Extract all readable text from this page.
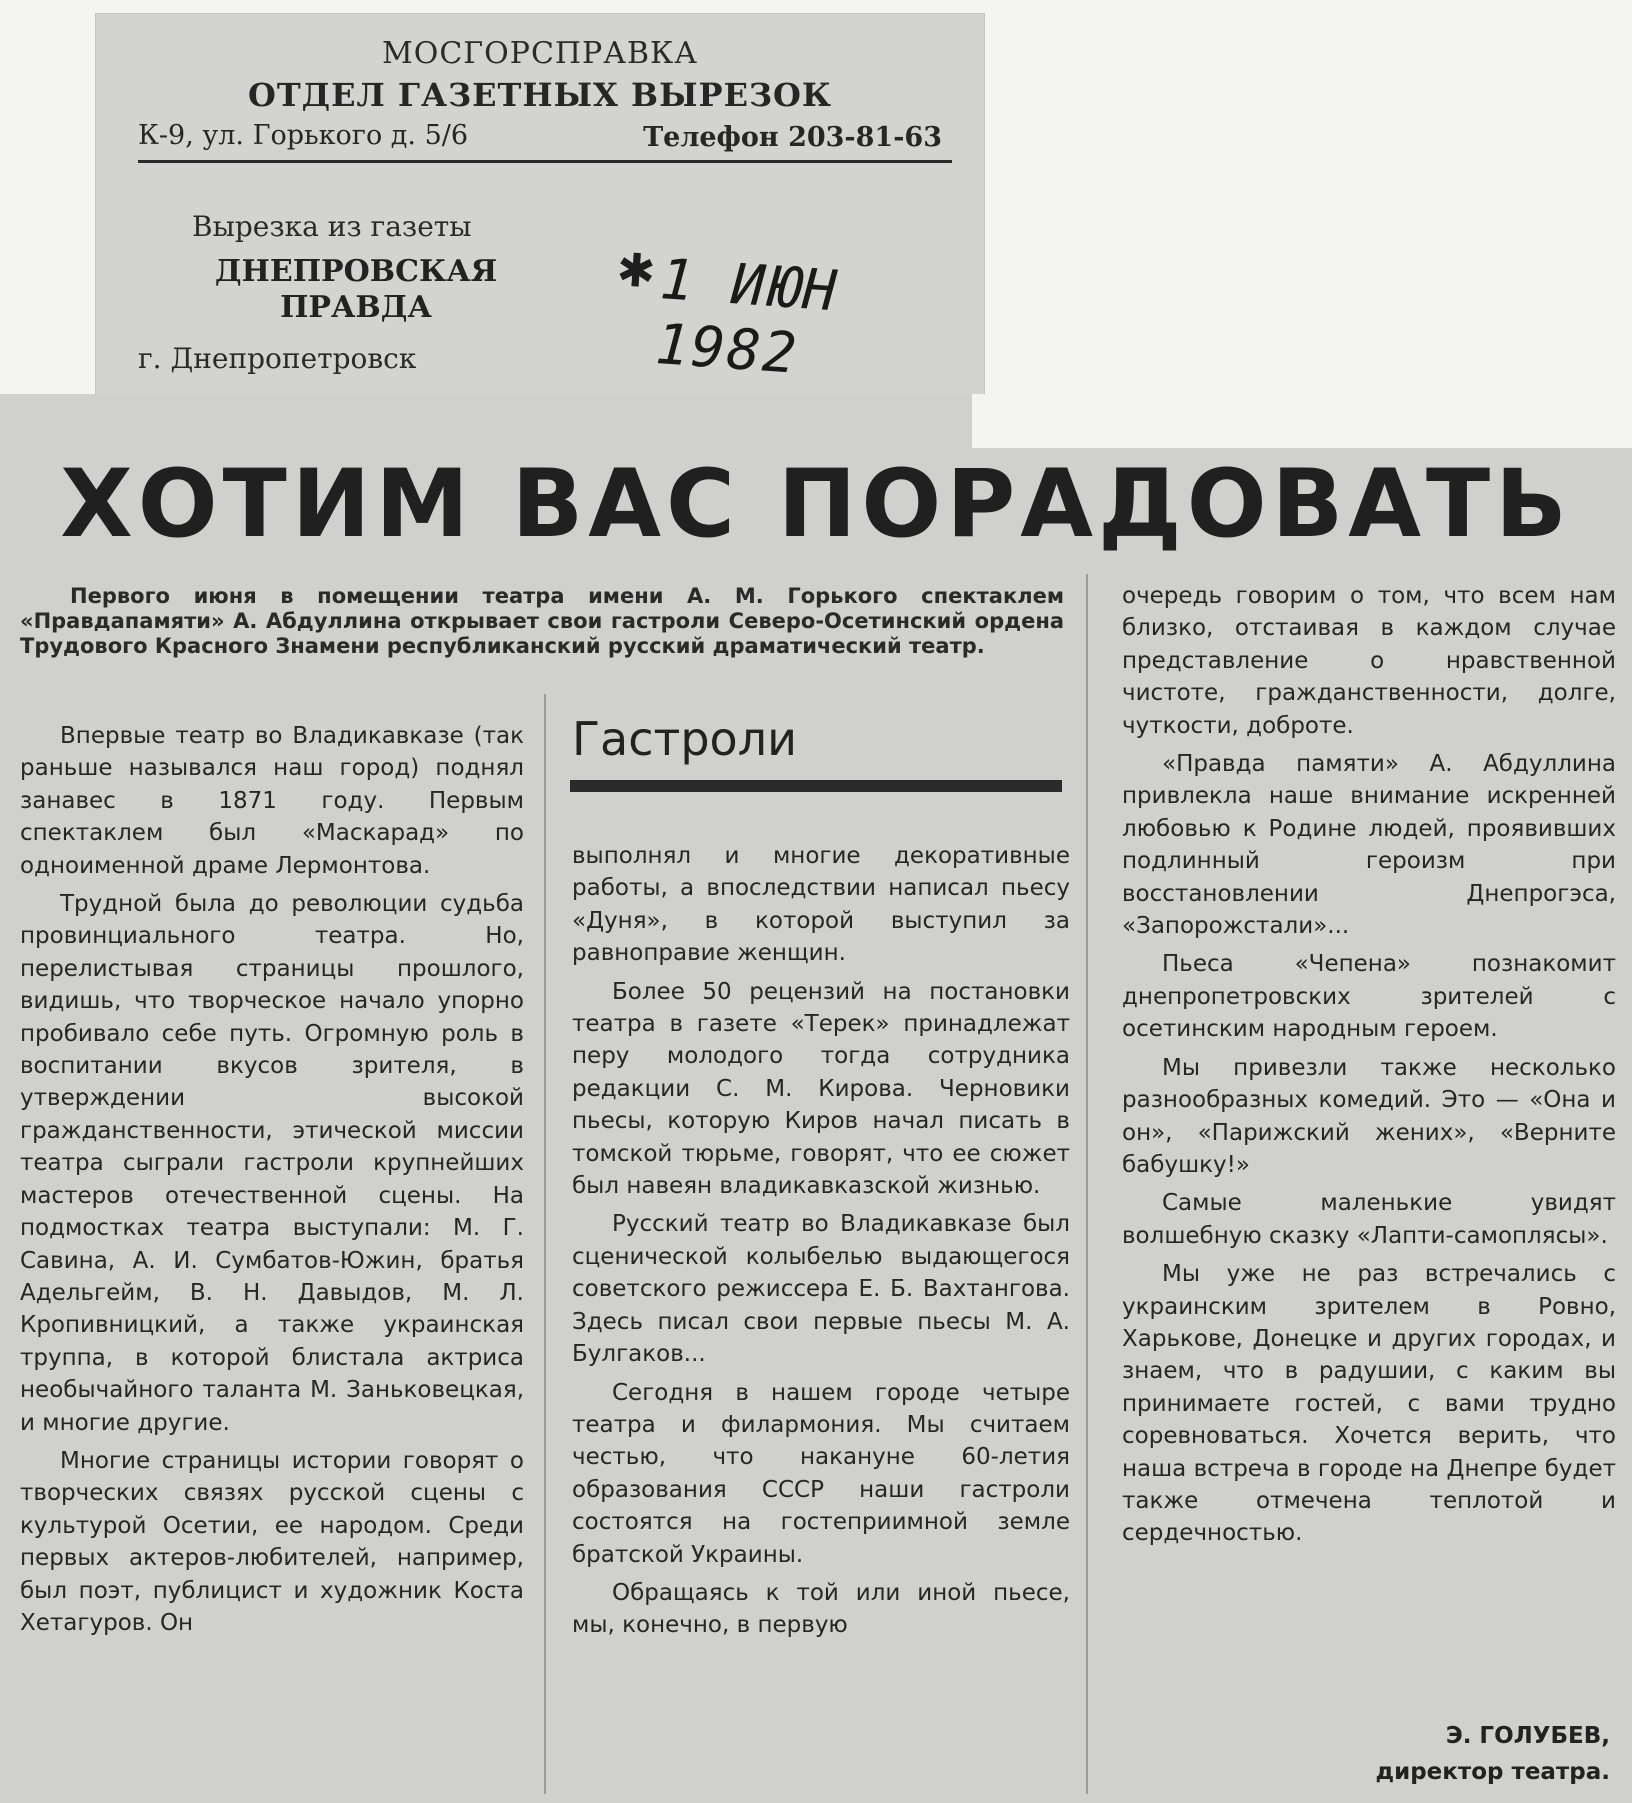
МОСГОРСПРАВКА
ОТДЕЛ ГАЗЕТНЫХ ВЫРЕЗОК
К-9, ул. Горького д. 5/6	Телефон 203-81-63
Вырезка из газеты
ДНЕПРОВСКАЯ ПРАВДА
г. Днепропетровск
✱ 1 ИЮН 1982
ХОТИМ ВАС ПОРАДОВАТЬ
Первого июня в помещении театра имени А. М. Горького спектаклем «Правдапамяти» А. Абдуллина открывает свои гастроли Северо-Осетинский ордена Трудового Красного Знамени республиканский русский драматический театр.
Гастроли

Впервые театр во Владикавказе (так раньше назывался наш город) поднял занавес в 1871 году. Первым спектаклем был «Маскарад» по одноименной драме Лермонтова.

Трудной была до революции судьба провинциального театра. Но, перелистывая страницы прошлого, видишь, что творческое начало упорно пробивало себе путь. Огромную роль в воспитании вкусов зрителя, в утверждении высокой гражданственности, этической миссии театра сыграли гастроли крупнейших мастеров отечественной сцены. На подмостках театра выступали: М. Г. Савина, А. И. Сумбатов-Южин, братья Адельгейм, В. Н. Давыдов, М. Л. Кропивницкий, а также украинская труппа, в которой блистала актриса необычайного таланта М. Заньковецкая, и многие другие.

Многие страницы истории говорят о творческих связях русской сцены с культурой Осетии, ее народом. Среди первых актеров-любителей, например, был поэт, публицист и художник Коста Хетагуров. Он

выполнял и многие декоративные работы, а впоследствии написал пьесу «Дуня», в которой выступил за равноправие женщин.

Более 50 рецензий на постановки театра в газете «Терек» принадлежат перу молодого тогда сотрудника редакции С. М. Кирова. Черновики пьесы, которую Киров начал писать в томской тюрьме, говорят, что ее сюжет был навеян владикавказской жизнью.

Русский театр во Владикавказе был сценической колыбелью выдающегося советского режиссера Е. Б. Вахтангова. Здесь писал свои первые пьесы М. А. Булгаков...

Сегодня в нашем городе четыре театра и филармония. Мы считаем честью, что накануне 60-летия образования СССР наши гастроли состоятся на гостеприимной земле братской Украины.

Обращаясь к той или иной пьесе, мы, конечно, в первую

очередь говорим о том, что всем нам близко, отстаивая в каждом случае представление о нравственной чистоте, гражданственности, долге, чуткости, доброте.

«Правда памяти» А. Абдуллина привлекла наше внимание искренней любовью к Родине людей, проявивших подлинный героизм при восстановлении Днепрогэса, «Запорожстали»...

Пьеса «Чепена» познакомит днепропетровских зрителей с осетинским народным героем.

Мы привезли также несколько разнообразных комедий. Это — «Она и он», «Парижский жених», «Верните бабушку!»

Самые маленькие увидят волшебную сказку «Лапти-самоплясы».

Мы уже не раз встречались с украинским зрителем в Ровно, Харькове, Донецке и других городах, и знаем, что в радушии, с каким вы принимаете гостей, с вами трудно соревноваться. Хочется верить, что наша встреча в городе на Днепре будет также отмечена теплотой и сердечностью.

Э. ГОЛУБЕВ,
директор театра.
